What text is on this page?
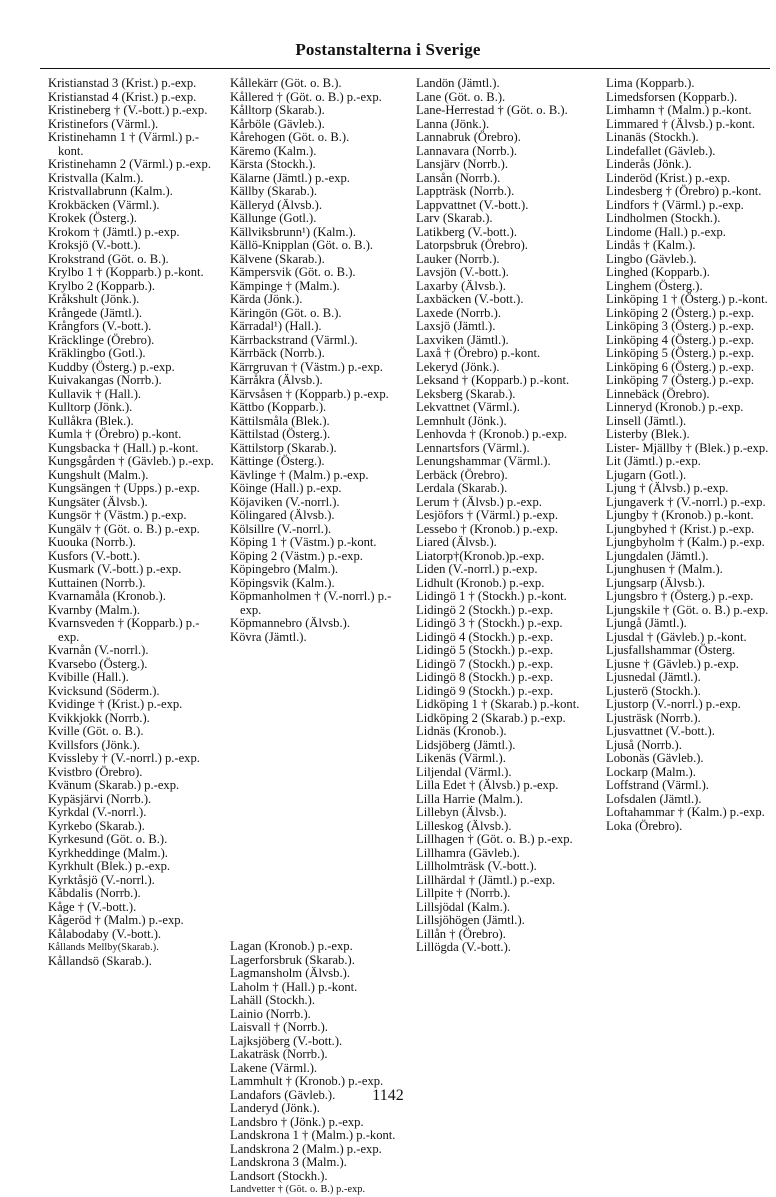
Postanstalterna i Sverige
Kristianstad 3 (Krist.) p.-exp.
Kristianstad 4 (Krist.) p.-exp.
Kristineberg † (V.-bott.) p.-exp.
Kristinefors (Värml.).
Kristinehamn 1 † (Värml.) p.-kont.
Kristinehamn 2 (Värml.) p.-exp.
Kristvalla (Kalm.).
Kristvallabrunn (Kalm.).
Krokbäcken (Värml.).
Krokek (Österg.).
Krokom † (Jämtl.) p.-exp.
Kroksjö (V.-bott.).
Krokstrand (Göt. o. B.).
Krylbo 1 † (Kopparb.) p.-kont.
Krylbo 2 (Kopparb.).
Kråkshult (Jönk.).
Krångede (Jämtl.).
Krångfors (V.-bott.).
Kräcklinge (Örebro).
Kräklingbo (Gotl.).
Kuddby (Österg.) p.-exp.
Kuivakangas (Norrb.).
Kullavik † (Hall.).
Kulltorp (Jönk.).
Kullåkra (Blek.).
Kumla † (Örebro) p.-kont.
Kungsbacka † (Hall.) p.-kont.
Kungsgården † (Gävleb.) p.-exp.
Kungshult (Malm.).
Kungsängen † (Upps.) p.-exp.
Kungsäter (Älvsb.).
Kungsör † (Västm.) p.-exp.
Kungälv † (Göt. o. B.) p.-exp.
Kuouka (Norrb.).
Kusfors (V.-bott.).
Kusmark (V.-bott.) p.-exp.
Kuttainen (Norrb.).
Kvarnamåla (Kronob.).
Kvarnby (Malm.).
Kvarnsveden † (Kopparb.) p.-exp.
Kvarnån (V.-norrl.).
Kvarsebo (Österg.).
Kvibille (Hall.).
Kvicksund (Söderm.).
Kvidinge † (Krist.) p.-exp.
Kvikkjokk (Norrb.).
Kville (Göt. o. B.).
Kvillsfors (Jönk.).
Kvissleby † (V.-norrl.) p.-exp.
Kvistbro (Örebro).
Kvänum (Skarab.) p.-exp.
Kypäsjärvi (Norrb.).
Kyrkdal (V.-norrl.).
Kyrkebo (Skarab.).
Kyrkesund (Göt. o. B.).
Kyrkheddinge (Malm.).
Kyrkhult (Blek.) p.-exp.
Kyrktåsjö (V.-norrl.).
Kåbdalis (Norrb.).
Kåge † (V.-bott.).
Kågeröd † (Malm.) p.-exp.
Kålabodaby (V.-bott.).
Kållands Mellby(Skarab.).
Kållandsö (Skarab.).
Kållekärr (Göt. o. B.).
Kållered † (Göt. o. B.) p.-exp.
Kålltorp (Skarab.).
Kårböle (Gävleb.).
Kårehogen (Göt. o. B.).
Käremo (Kalm.).
Kärsta (Stockh.).
Kälarne (Jämtl.) p.-exp.
Källby (Skarab.).
Källeryd (Älvsb.).
Källunge (Gotl.).
Källviksbrunn¹) (Kalm.).
Källö-Knipplan (Göt. o. B.).
Kälvene (Skarab.).
Kämpersvik (Göt. o. B.).
Kämpinge † (Malm.).
Kärda (Jönk.).
Käringön (Göt. o. B.).
Kärradal¹) (Hall.).
Kärrbackstrand (Värml.).
Kärrbäck (Norrb.).
Kärrgruvan † (Västm.) p.-exp.
Kärråkra (Älvsb.).
Kärvsåsen † (Kopparb.) p.-exp.
Kättbo (Kopparb.).
Kättilsmåla (Blek.).
Kättilstad (Österg.).
Kättilstorp (Skarab.).
Kättinge (Österg.).
Kävlinge † (Malm.) p.-exp.
Köinge (Hall.) p.-exp.
Köjaviken (V.-norrl.).
Kölingared (Älvsb.).
Kölsillre (V.-norrl.).
Köping 1 † (Västm.) p.-kont.
Köping 2 (Västm.) p.-exp.
Köpingebro (Malm.).
Köpingsvik (Kalm.).
Köpmanholmen † (V.-norrl.) p.-exp.
Köpmannebro (Älvsb.).
Kövra (Jämtl.).
Lagan (Kronob.) p.-exp.
Lagerforsbruk (Skarab.).
Lagmansholm (Älvsb.).
Laholm † (Hall.) p.-kont.
Lahäll (Stockh.).
Lainio (Norrb.).
Laisvall † (Norrb.).
Lajksjöberg (V.-bott.).
Lakaträsk (Norrb.).
Lakene (Värml.).
Lammhult † (Kronob.) p.-exp.
Landafors (Gävleb.).
Landeryd (Jönk.).
Landsbro † (Jönk.) p.-exp.
Landskrona 1 † (Malm.) p.-kont.
Landskrona 2 (Malm.) p.-exp.
Landskrona 3 (Malm.).
Landsort (Stockh.).
Landvetter † (Göt. o. B.) p.-exp.
Landön (Jämtl.).
Lane (Göt. o. B.).
Lane-Herrestad † (Göt. o. B.).
Lanna (Jönk.).
Lannabruk (Örebro).
Lannavara (Norrb.).
Lansjärv (Norrb.).
Lansån (Norrb.).
Lappträsk (Norrb.).
Lappvattnet (V.-bott.).
Larv (Skarab.).
Latikberg (V.-bott.).
Latorpsbruk (Örebro).
Lauker (Norrb.).
Lavsjön (V.-bott.).
Laxarby (Älvsb.).
Laxbäcken (V.-bott.).
Laxede (Norrb.).
Laxsjö (Jämtl.).
Laxviken (Jämtl.).
Laxå † (Örebro) p.-kont.
Lekeryd (Jönk.).
Leksand † (Kopparb.) p.-kont.
Leksberg (Skarab.).
Lekvattnet (Värml.).
Lemnhult (Jönk.).
Lenhovda † (Kronob.) p.-exp.
Lennartsfors (Värml.).
Lenungshammar (Värml.).
Lerbäck (Örebro).
Lerdala (Skarab.).
Lerum † (Älvsb.) p.-exp.
Lesjöfors † (Värml.) p.-exp.
Lessebo † (Kronob.) p.-exp.
Liared (Älvsb.).
Liatorp†(Kronob.)p.-exp.
Liden (V.-norrl.) p.-exp.
Lidhult (Kronob.) p.-exp.
Lidingö 1 † (Stockh.) p.-kont.
Lidingö 2 (Stockh.) p.-exp.
Lidingö 3 † (Stockh.) p.-exp.
Lidingö 4 (Stockh.) p.-exp.
Lidingö 5 (Stockh.) p.-exp.
Lidingö 7 (Stockh.) p.-exp.
Lidingö 8 (Stockh.) p.-exp.
Lidingö 9 (Stockh.) p.-exp.
Lidköping 1 † (Skarab.) p.-kont.
Lidköping 2 (Skarab.) p.-exp.
Lidnäs (Kronob.).
Lidsjöberg (Jämtl.).
Likenäs (Värml.).
Liljendal (Värml.).
Lilla Edet † (Älvsb.) p.-exp.
Lilla Harrie (Malm.).
Lillebyn (Älvsb.).
Lilleskog (Älvsb.).
Lillhagen † (Göt. o. B.) p.-exp.
Lillhamra (Gävleb.).
Lillholmträsk (V.-bott.).
Lillhärdal † (Jämtl.) p.-exp.
Lillpite † (Norrb.).
Lillsjödal (Kalm.).
Lillsjöhögen (Jämtl.).
Lillån † (Örebro).
Lillögda (V.-bott.).
Lima (Kopparb.).
Limedsforsen (Kopparb.).
Limhamn † (Malm.) p.-kont.
Limmared † (Älvsb.) p.-kont.
Linanäs (Stockh.).
Lindefallet (Gävleb.).
Linderås (Jönk.).
Linderöd (Krist.) p.-exp.
Lindesberg † (Örebro) p.-kont.
Lindfors † (Värml.) p.-exp.
Lindholmen (Stockh.).
Lindome (Hall.) p.-exp.
Lindås † (Kalm.).
Lingbo (Gävleb.).
Linghed (Kopparb.).
Linghem (Österg.).
Linköping 1 † (Österg.) p.-kont.
Linköping 2 (Österg.) p.-exp.
Linköping 3 (Österg.) p.-exp.
Linköping 4 (Österg.) p.-exp.
Linköping 5 (Österg.) p.-exp.
Linköping 6 (Österg.) p.-exp.
Linköping 7 (Österg.) p.-exp.
Linnebäck (Örebro).
Linneryd (Kronob.) p.-exp.
Linsell (Jämtl.).
Listerby (Blek.).
Lister- Mjällby † (Blek.) p.-exp.
Lit (Jämtl.) p.-exp.
Ljugarn (Gotl.).
Ljung † (Älvsb.) p.-exp.
Ljungaverk † (V.-norrl.) p.-exp.
Ljungby † (Kronob.) p.-kont.
Ljungbyhed † (Krist.) p.-exp.
Ljungbyholm † (Kalm.) p.-exp.
Ljungdalen (Jämtl.).
Ljunghusen † (Malm.).
Ljungsarp (Älvsb.).
Ljungsbro † (Österg.) p.-exp.
Ljungskile † (Göt. o. B.) p.-exp.
Ljungå (Jämtl.).
Ljusdal † (Gävleb.) p.-kont.
Ljusfallshammar (Österg.
Ljusne † (Gävleb.) p.-exp.
Ljusnedal (Jämtl.).
Ljusterö (Stockh.).
Ljustorp (V.-norrl.) p.-exp.
Ljusträsk (Norrb.).
Ljusvattnet (V.-bott.).
Ljuså (Norrb.).
Lobonäs (Gävleb.).
Lockarp (Malm.).
Loffstrand (Värml.).
Lofsdalen (Jämtl.).
Loftahammar † (Kalm.) p.-exp.
Loka (Örebro).
1142
